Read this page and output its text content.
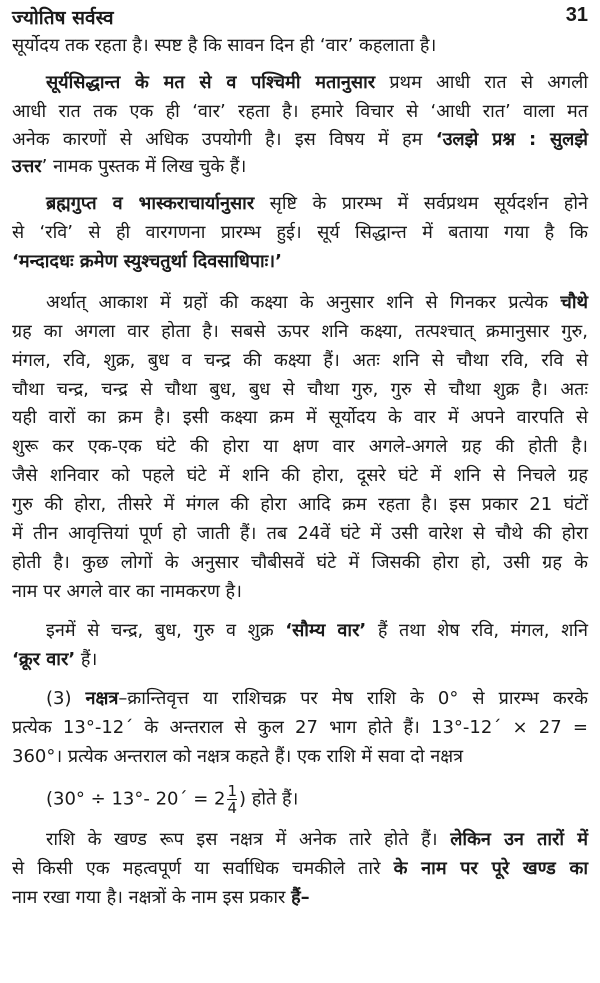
ज्योतिष सर्वस्व	31
सूर्योदय तक रहता है। स्पष्ट है कि सावन दिन ही ‘वार’ कहलाता है।
सूर्यसिद्धान्त के मत से व पश्चिमी मतानुसार प्रथम आधी रात से अगली
आधी रात तक एक ही ‘वार’ रहता है। हमारे विचार से ‘आधी रात’ वाला मत
अनेक कारणों से अधिक उपयोगी है। इस विषय में हम ‘उलझे प्रश्न : सुलझे
उत्तर’ नामक पुस्तक में लिख चुके हैं।
ब्रह्मगुप्त व भास्कराचार्यानुसार सृष्टि के प्रारम्भ में सर्वप्रथम सूर्यदर्शन होने
से ‘रवि’ से ही वारगणना प्रारम्भ हुई। सूर्य सिद्धान्त में बताया गया है कि
‘मन्दादधः क्रमेण स्युश्चतुर्था दिवसाधिपाः।’
अर्थात् आकाश में ग्रहों की कक्ष्या के अनुसार शनि से गिनकर प्रत्येक चौथे
ग्रह का अगला वार होता है। सबसे ऊपर शनि कक्ष्या, तत्पश्चात् क्रमानुसार गुरु,
मंगल, रवि, शुक्र, बुध व चन्द्र की कक्ष्या हैं। अतः शनि से चौथा रवि, रवि से
चौथा चन्द्र, चन्द्र से चौथा बुध, बुध से चौथा गुरु, गुरु से चौथा शुक्र है। अतः
यही वारों का क्रम है। इसी कक्ष्या क्रम में सूर्योदय के वार में अपने वारपति से
शुरू कर एक-एक घंटे की होरा या क्षण वार अगले-अगले ग्रह की होती है।
जैसे शनिवार को पहले घंटे में शनि की होरा, दूसरे घंटे में शनि से निचले ग्रह
गुरु की होरा, तीसरे में मंगल की होरा आदि क्रम रहता है। इस प्रकार 21 घंटों
में तीन आवृत्तियां पूर्ण हो जाती हैं। तब 24वें घंटे में उसी वारेश से चौथे की होरा
होती है। कुछ लोगों के अनुसार चौबीसवें घंटे में जिसकी होरा हो, उसी ग्रह के
नाम पर अगले वार का नामकरण है।
इनमें से चन्द्र, बुध, गुरु व शुक्र ‘सौम्य वार’ हैं तथा शेष रवि, मंगल, शनि
‘क्रूर वार’ हैं।
(3) नक्षत्र–क्रान्तिवृत्त या राशिचक्र पर मेष राशि के 0° से प्रारम्भ करके
प्रत्येक 13°-12´ के अन्तराल से कुल 27 भाग होते हैं। 13°-12´ × 27 =
360°। प्रत्येक अन्तराल को नक्षत्र कहते हैं। एक राशि में सवा दो नक्षत्र
(30° ÷ 13°- 20´ = $2 \frac{1}{4}$ ) होते हैं।
राशि के खण्ड रूप इस नक्षत्र में अनेक तारे होते हैं। लेकिन उन तारों में
से किसी एक महत्वपूर्ण या सर्वाधिक चमकीले तारे के नाम पर पूरे खण्ड का
नाम रखा गया है। नक्षत्रों के नाम इस प्रकार हैं–
